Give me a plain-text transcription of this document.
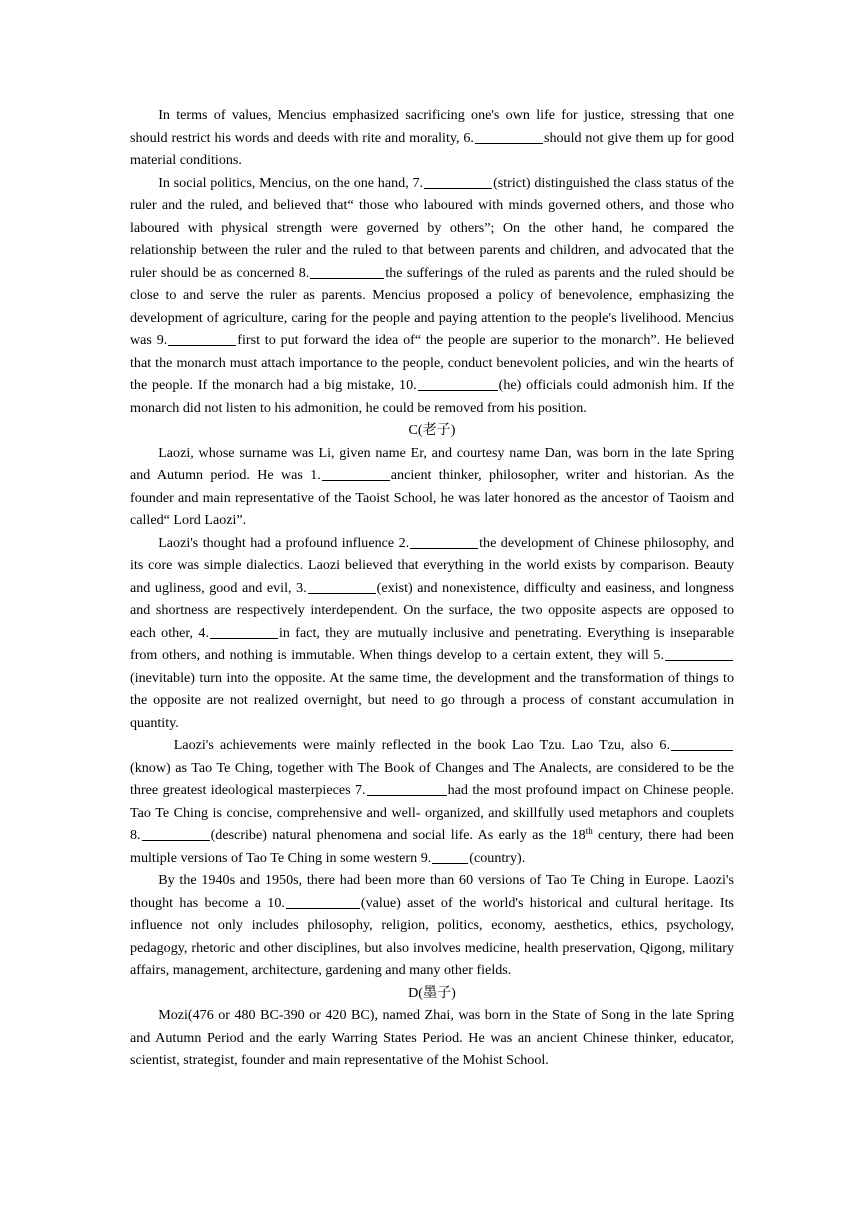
In terms of values, Mencius emphasized sacrificing one's own life for justice, stressing that one should restrict his words and deeds with rite and morality, 6.	should not give them up for good material conditions.

In social politics, Mencius, on the one hand, 7.	(strict) distinguished the class status of the ruler and the ruled, and believed that“ those who laboured with minds governed others, and those who laboured with physical strength were governed by others”; On the other hand, he compared the relationship between the ruler and the ruled to that between parents and children, and advocated that the ruler should be as concerned 8.	the sufferings of the ruled as parents and the ruled should be close to and serve the ruler as parents. Mencius proposed a policy of benevolence, emphasizing the development of agriculture, caring for the people and paying attention to the people's livelihood. Mencius was 9.	first to put forward the idea of“ the people are superior to the monarch”. He believed that the monarch must attach importance to the people, conduct benevolent policies, and win the hearts of the people. If the monarch had a big mistake, 10.	(he) officials could admonish him. If the monarch did not listen to his admonition, he could be removed from his position.

C(老子)

Laozi, whose surname was Li, given name Er, and courtesy name Dan, was born in the late Spring and Autumn period. He was 1.	ancient thinker, philosopher, writer and historian. As the founder and main representative of the Taoist School, he was later honored as the ancestor of Taoism and called“ Lord Laozi”.

Laozi's thought had a profound influence 2.	the development of Chinese philosophy, and its core was simple dialectics. Laozi believed that everything in the world exists by comparison. Beauty and ugliness, good and evil, 3.	(exist) and nonexistence, difficulty and easiness, and longness and shortness are respectively interdependent. On the surface, the two opposite aspects are opposed to each other, 4.	in fact, they are mutually inclusive and penetrating. Everything is inseparable from others, and nothing is immutable. When things develop to a certain extent, they will 5.(inevitable) turn into the opposite. At the same time, the development and the transformation of things to the opposite are not realized overnight, but need to go through a process of constant accumulation in quantity.

Laozi's achievements were mainly reflected in the book Lao Tzu. Lao Tzu, also 6.(know) as Tao Te Ching, together with The Book of Changes and The Analects, are considered to be the three greatest ideological masterpieces 7.	had the most profound impact on Chinese people. Tao Te Ching is concise, comprehensive and well- organized, and skillfully used metaphors and couplets 8.	(describe) natural phenomena and social life. As early as the 18th century, there had been multiple versions of Tao Te Ching in some western 9.	(country).

By the 1940s and 1950s, there had been more than 60 versions of Tao Te Ching in Europe. Laozi's thought has become a 10.	(value) asset of the world's historical and cultural heritage. Its influence not only includes philosophy, religion, politics, economy, aesthetics, ethics, psychology, pedagogy, rhetoric and other disciplines, but also involves medicine, health preservation, Qigong, military affairs, management, architecture, gardening and many other fields.

D(墨子)

Mozi(476 or 480 BC-390 or 420 BC), named Zhai, was born in the State of Song in the late Spring and Autumn Period and the early Warring States Period. He was an ancient Chinese thinker, educator, scientist, strategist, founder and main representative of the Mohist School.
